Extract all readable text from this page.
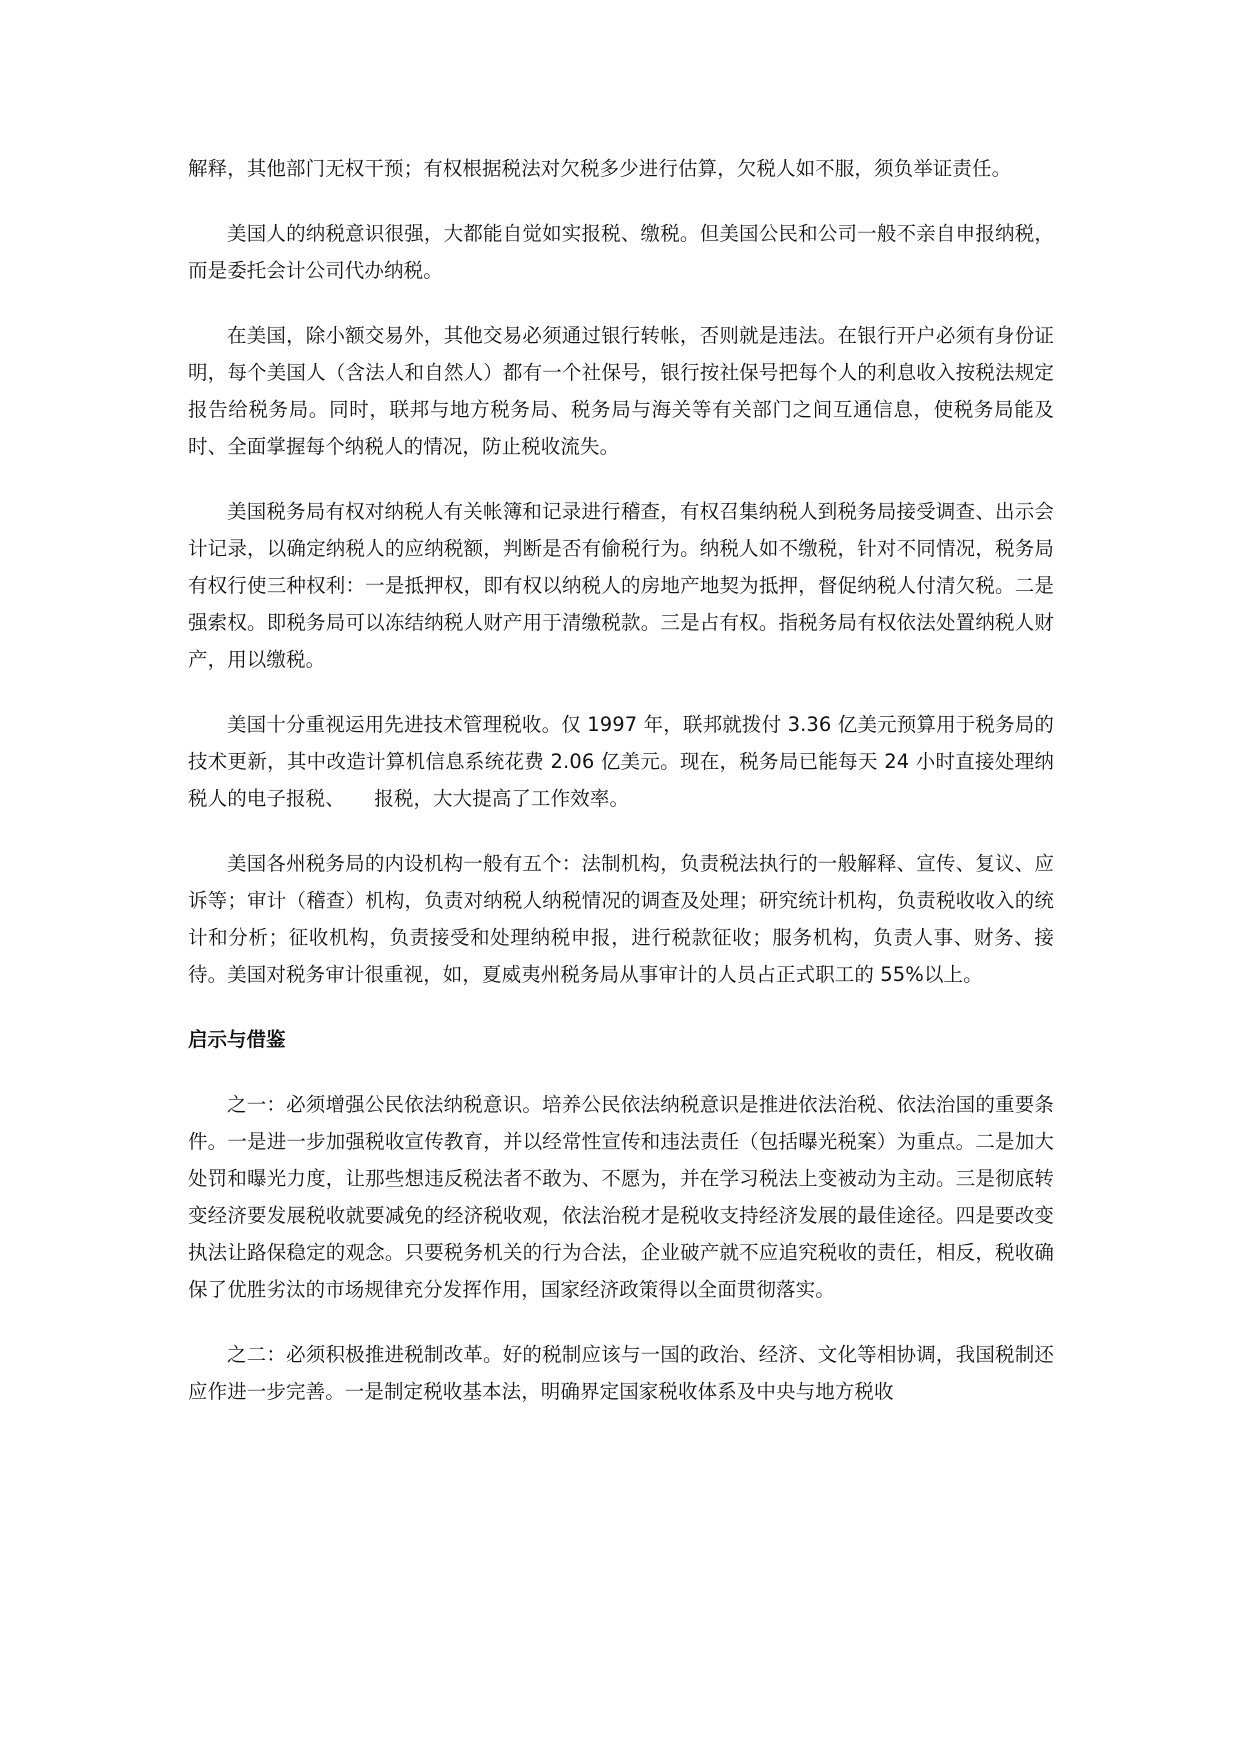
解释，其他部门无权干预；有权根据税法对欠税多少进行估算，欠税人如不服，须负举证责任。

美国人的纳税意识很强，大都能自觉如实报税、缴税。但美国公民和公司一般不亲自申报纳税，而是委托会计公司代办纳税。

在美国，除小额交易外，其他交易必须通过银行转帐，否则就是违法。在银行开户必须有身份证明，每个美国人（含法人和自然人）都有一个社保号，银行按社保号把每个人的利息收入按税法规定报告给税务局。同时，联邦与地方税务局、税务局与海关等有关部门之间互通信息，使税务局能及时、全面掌握每个纳税人的情况，防止税收流失。

美国税务局有权对纳税人有关帐簿和记录进行稽查，有权召集纳税人到税务局接受调查、出示会计记录，以确定纳税人的应纳税额，判断是否有偷税行为。纳税人如不缴税，针对不同情况，税务局有权行使三种权利：一是抵押权，即有权以纳税人的房地产地契为抵押，督促纳税人付清欠税。二是强索权。即税务局可以冻结纳税人财产用于清缴税款。三是占有权。指税务局有权依法处置纳税人财产，用以缴税。

美国十分重视运用先进技术管理税收。仅 1997 年，联邦就拨付 3.36 亿美元预算用于税务局的技术更新，其中改造计算机信息系统花费 2.06 亿美元。现在，税务局已能每天 24 小时直接处理纳税人的电子报税、　　报税，大大提高了工作效率。

美国各州税务局的内设机构一般有五个：法制机构，负责税法执行的一般解释、宣传、复议、应诉等；审计（稽查）机构，负责对纳税人纳税情况的调查及处理；研究统计机构，负责税收收入的统计和分析；征收机构，负责接受和处理纳税申报，进行税款征收；服务机构，负责人事、财务、接待。美国对税务审计很重视，如，夏威夷州税务局从事审计的人员占正式职工的 55%以上。

启示与借鉴

之一：必须增强公民依法纳税意识。培养公民依法纳税意识是推进依法治税、依法治国的重要条件。一是进一步加强税收宣传教育，并以经常性宣传和违法责任（包括曝光税案）为重点。二是加大处罚和曝光力度，让那些想违反税法者不敢为、不愿为，并在学习税法上变被动为主动。三是彻底转变经济要发展税收就要减免的经济税收观，依法治税才是税收支持经济发展的最佳途径。四是要改变执法让路保稳定的观念。只要税务机关的行为合法，企业破产就不应追究税收的责任，相反，税收确保了优胜劣汰的市场规律充分发挥作用，国家经济政策得以全面贯彻落实。

之二：必须积极推进税制改革。好的税制应该与一国的政治、经济、文化等相协调，我国税制还应作进一步完善。一是制定税收基本法，明确界定国家税收体系及中央与地方税收
